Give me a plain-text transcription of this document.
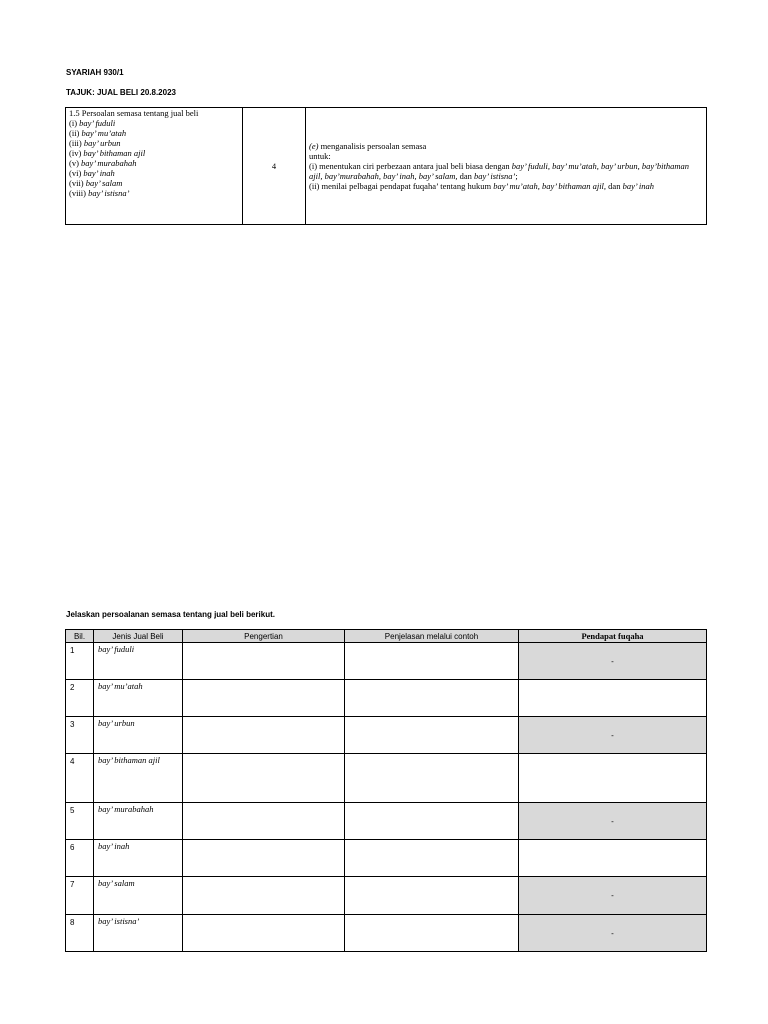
SYARIAH 930/1
TAJUK: JUAL BELI 20.8.2023
1.5 Persoalan semasa tentang jual beli
(i) bay’ fuduli
(ii) bay’ mu’atah
(iii) bay’ urbun
(iv) bay’ bithaman ajil
(v) bay’ murabahah
(vi) bay’ inah
(vii) bay’ salam
(viii) bay’ istisna’
	4	
(e) menganalisis persoalan semasa
untuk:
(i) menentukan ciri perbezaan antara jual beli biasa dengan bay’ fuduli, bay’ mu’atah, bay’ urbun, bay’bithaman ajil, bay’murabahah, bay’ inah, bay’ salam, dan bay’ istisna’;
(ii) menilai pelbagai pendapat fuqaha’ tentang hukum bay’ mu’atah, bay’ bithaman ajil, dan bay’ inah
Jelaskan persoalanan semasa tentang jual beli berikut.
Bil.	Jenis Jual Beli	Pengertian	Penjelasan melalui contoh	Pendapat fuqaha
1	bay’ fuduli			-
2	bay’ mu’atah			
3	bay’ urbun			-
4	bay’ bithaman ajil			
5	bay’ murabahah			-
6	bay’ inah			
7	bay’ salam			-
8	bay’ istisna’			-
